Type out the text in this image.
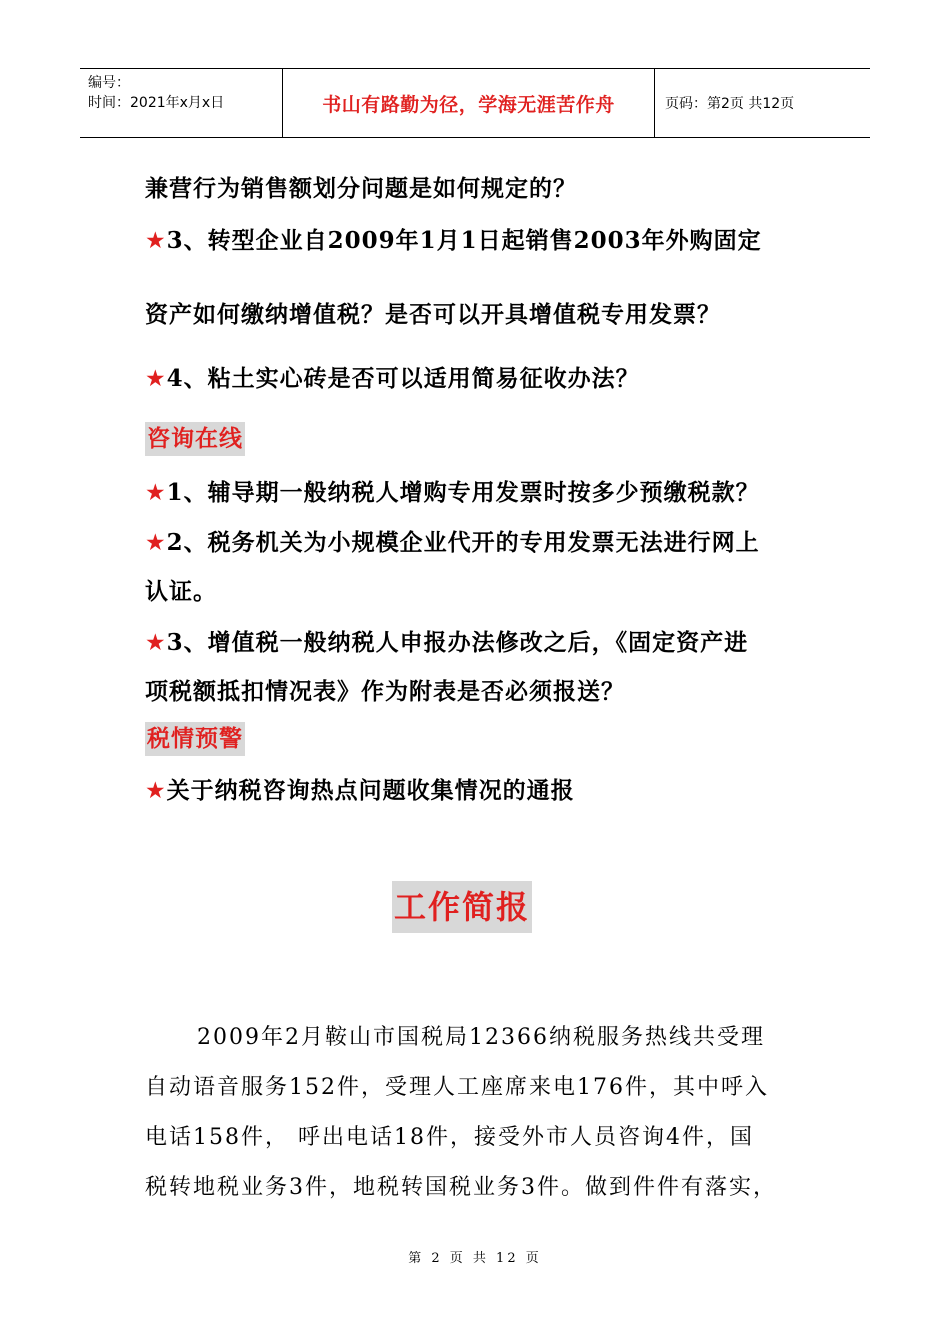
编号：
时间：2021年x月x日	书山有路勤为径，学海无涯苦作舟	页码：第2页 共12页
兼营行为销售额划分问题是如何规定的？
★3、转型企业自2009年1月1日起销售2003年外购固定
资产如何缴纳增值税？是否可以开具增值税专用发票？
★4、粘土实心砖是否可以适用简易征收办法？
咨询在线
★1、辅导期一般纳税人增购专用发票时按多少预缴税款？
★2、税务机关为小规模企业代开的专用发票无法进行网上
认证。
★3、增值税一般纳税人申报办法修改之后，《固定资产进
项税额抵扣情况表》作为附表是否必须报送？
税情预警
★关于纳税咨询热点问题收集情况的通报
工作简报
2009年2月鞍山市国税局12366纳税服务热线共受理
自动语音服务152件，受理人工座席来电176件，其中呼入
电话158件， 呼出电话18件，接受外市人员咨询4件，国
税转地税业务3件，地税转国税业务3件。做到件件有落实，
第 2 页 共 12 页
